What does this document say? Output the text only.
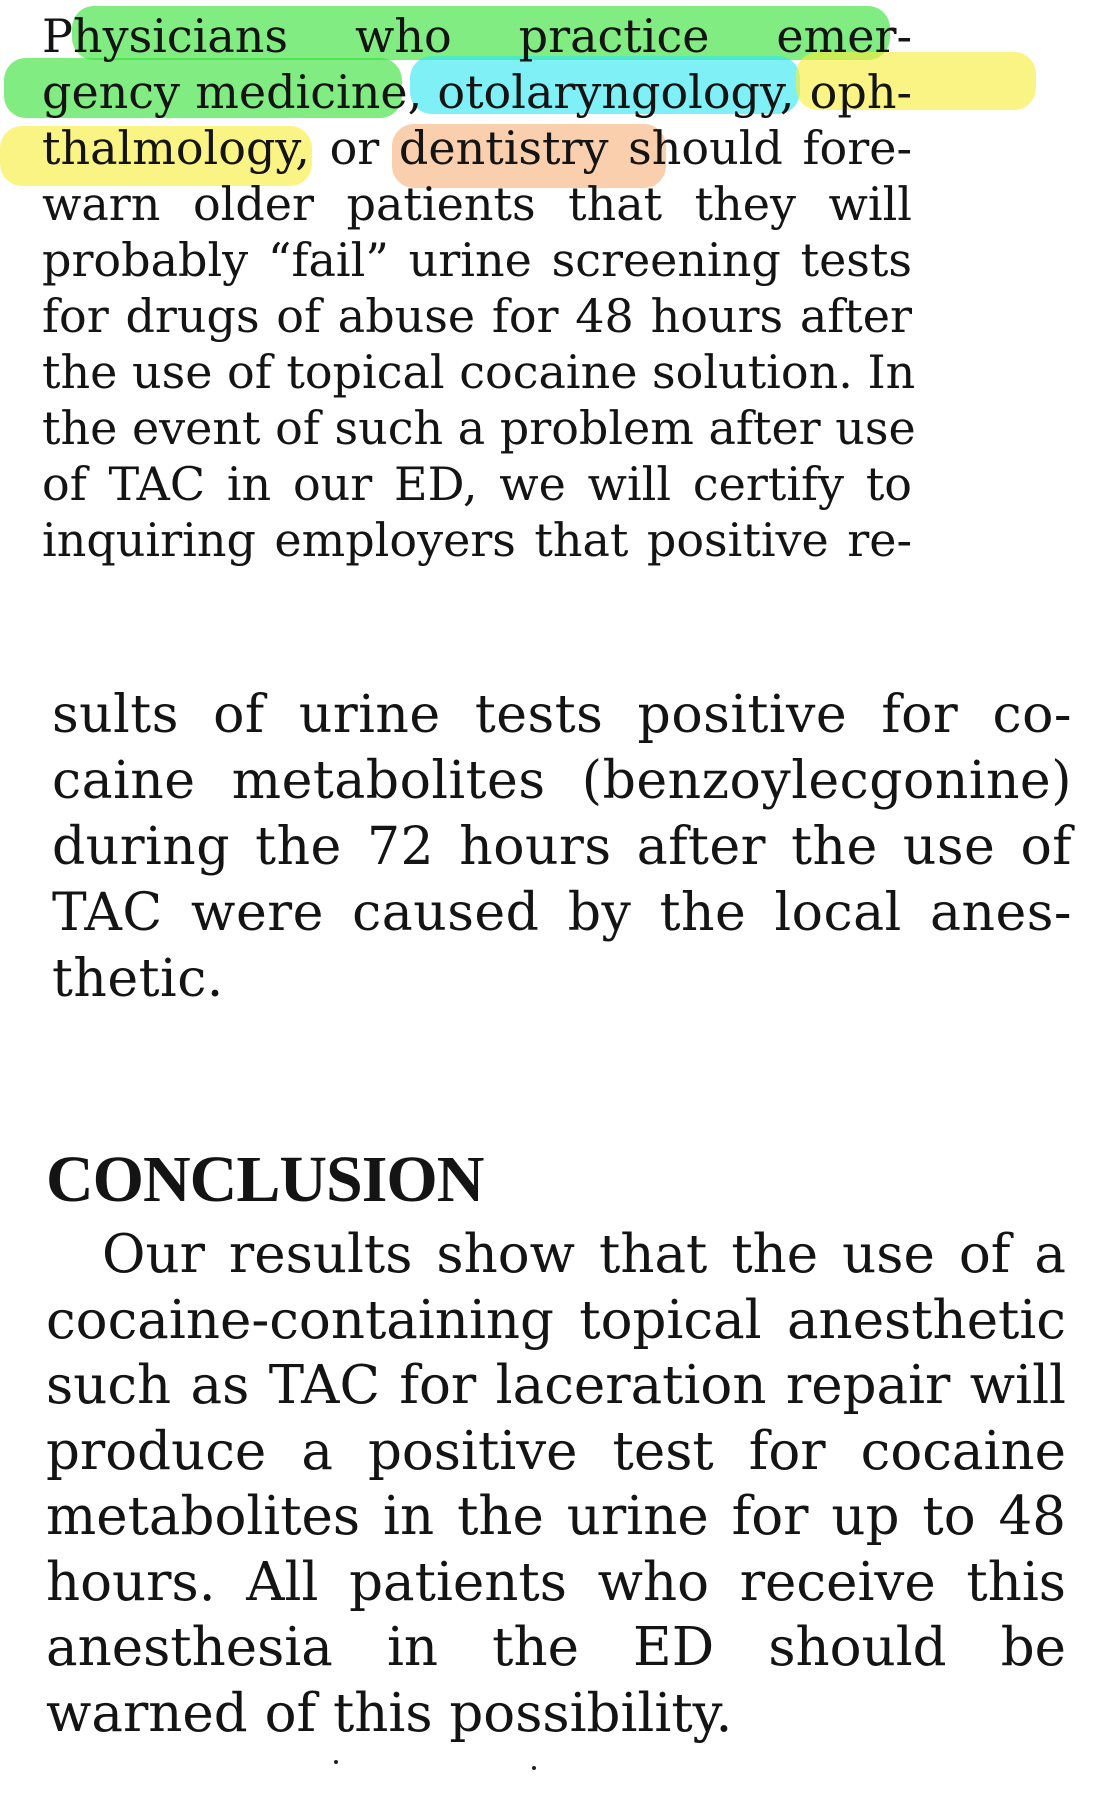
Physicians who practice emer-
gency medicine, otolaryngology, oph-
thalmology, or dentistry should fore-
warn older patients that they will
probably “fail” urine screening tests
for drugs of abuse for 48 hours after
the use of topical cocaine solution. In
the event of such a problem after use
of TAC in our ED, we will certify to
inquiring employers that positive re-
sults of urine tests positive for co-
caine metabolites (benzoylecgonine)
during the 72 hours after the use of
TAC were caused by the local anes-
thetic.
CONCLUSION
Our results show that the use of a
cocaine-containing topical anesthetic
such as TAC for laceration repair will
produce a positive test for cocaine
metabolites in the urine for up to 48
hours. All patients who receive this
anesthesia in the ED should be
warned of this possibility.
